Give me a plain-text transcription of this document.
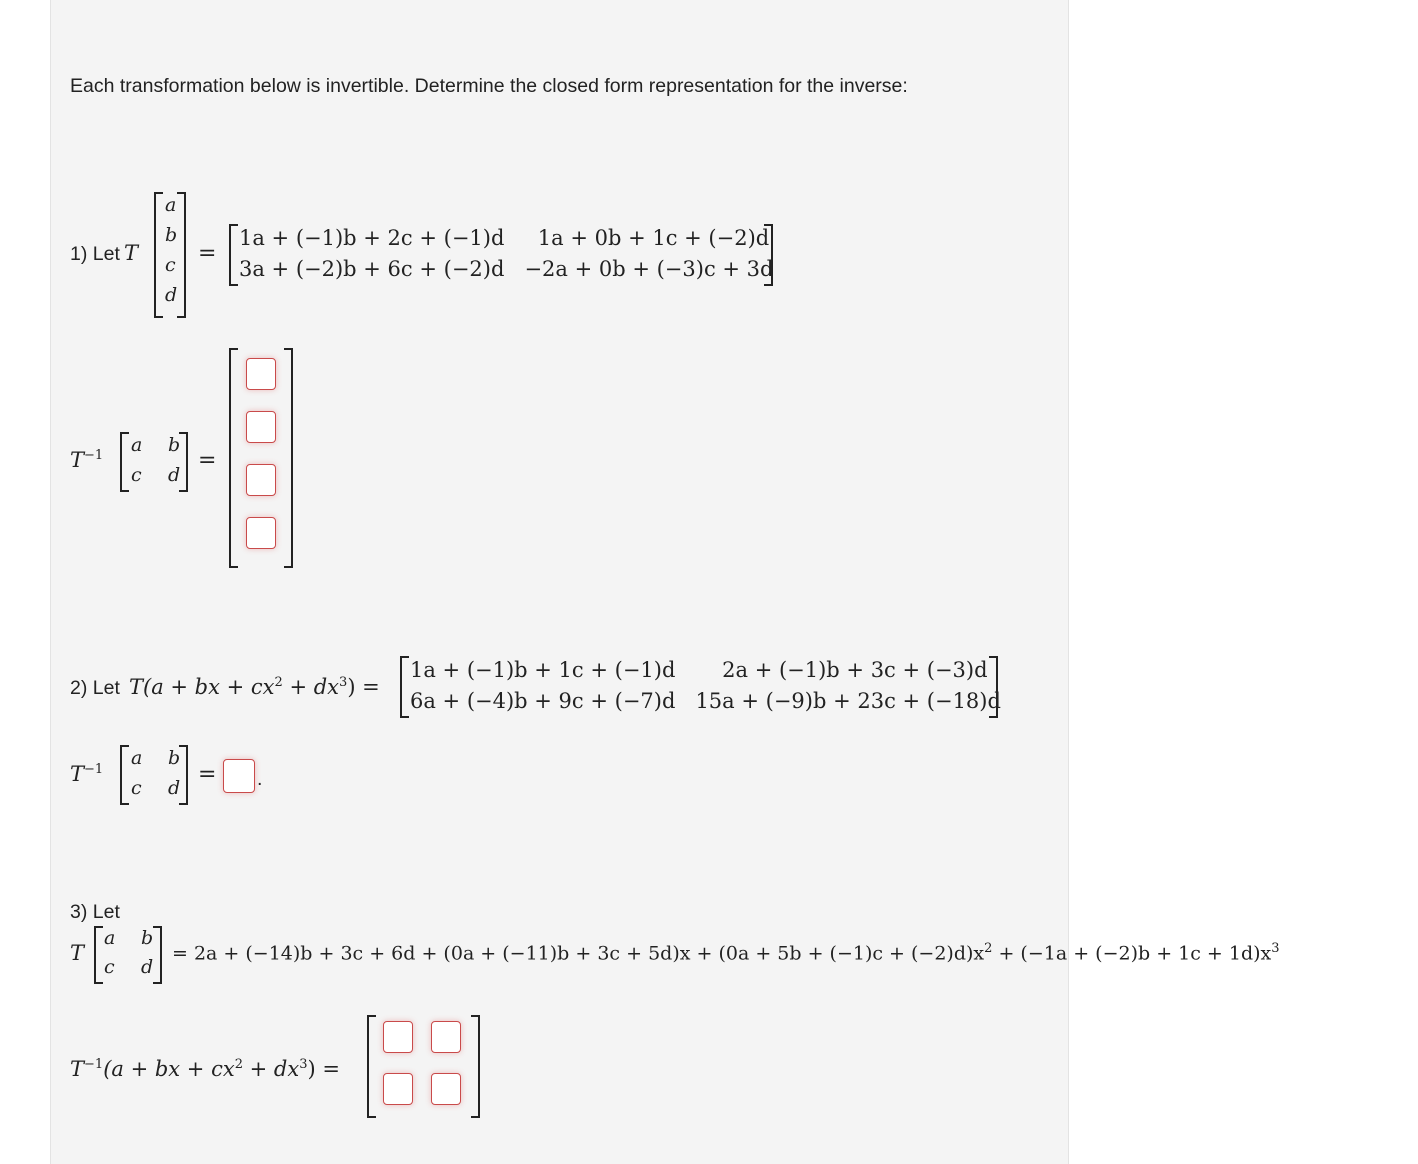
Each transformation below is invertible. Determine the closed form representation for the inverse:
1) Let T
a
b
c
d
=
1a + (−1)b + 2c + (−1)d     1a + 0b + 1c + (−2)d
3a + (−2)b + 6c + (−2)d   −2a + 0b + (−3)c + 3d
$T^{-1}$ a b
c d
=
2) Let T(a + bx + $cx^2 + dx^3$) =
1a + (−1)b + 1c + (−1)d       2a + (−1)b + 3c + (−3)d
6a + (−4)b + 9c + (−7)d   15a + (−9)b + 23c + (−18)d
$T^{-1}$
a b
c d
= .
3) Let
T
a b
c d
= $2a + (-14)b + 3c + 6d + (0a + (-11)b + 3c + 5d)x + (0a + 5b + (-1)c + (-2)d)x^2 + (-1a + (-2)b + 1c + 1d)x^3$
$T^{-1}(a$ + bx + $cx^2 + dx^3$) =
